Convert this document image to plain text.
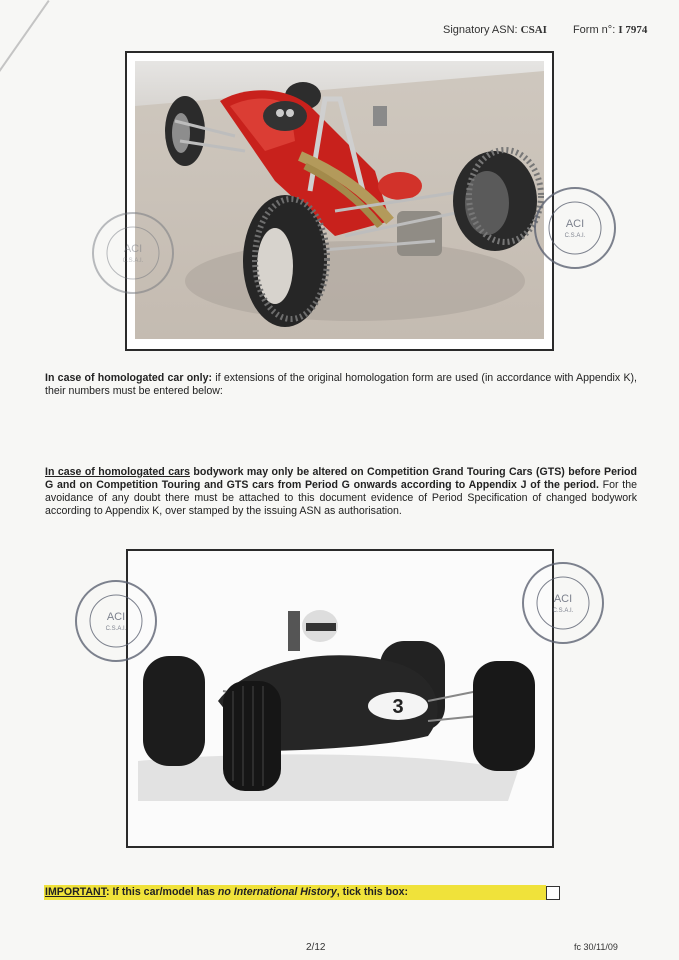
Signatory ASN: CSAI Form n°: I 7974
ACI
C.S.A.I.
ACI
C.S.A.I.
In case of homologated car only: if extensions of the original homologation form are used (in accordance with Appendix K), their numbers must be entered below:
In case of homologated cars bodywork may only be altered on Competition Grand Touring Cars (GTS) before Period G and on Competition Touring and GTS cars from Period G onwards according to Appendix J of the period. For the avoidance of any doubt there must be attached to this document evidence of Period Specification of changed bodywork according to Appendix K, over stamped by the issuing ASN as authorisation.
3
ACI
C.S.A.I.
ACI
C.S.A.I.
IMPORTANT: If this car/model has no International History, tick this box:
2/12	fc 30/11/09
